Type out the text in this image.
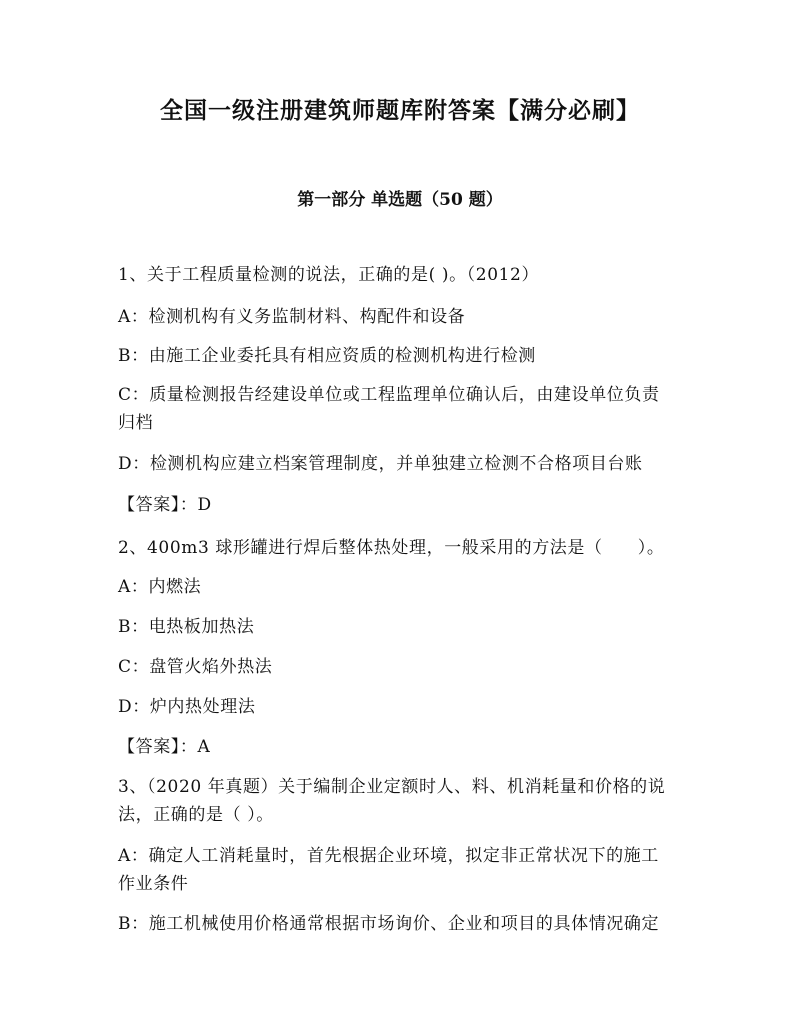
全国一级注册建筑师题库附答案【满分必刷】
第一部分 单选题（50 题）
1、关于工程质量检测的说法，正确的是( )。（2012）
A：检测机构有义务监制材料、构配件和设备
B：由施工企业委托具有相应资质的检测机构进行检测
C：质量检测报告经建设单位或工程监理单位确认后，由建设单位负责
归档
D：检测机构应建立档案管理制度，并单独建立检测不合格项目台账
【答案】：D
2、400m3 球形罐进行焊后整体热处理，一般采用的方法是（　　）。
A：内燃法
B：电热板加热法
C：盘管火焰外热法
D：炉内热处理法
【答案】：A
3、（2020 年真题）关于编制企业定额时人、料、机消耗量和价格的说
法，正确的是（ ）。
A：确定人工消耗量时，首先根据企业环境，拟定非正常状况下的施工
作业条件
B：施工机械使用价格通常根据市场询价、企业和项目的具体情况确定
